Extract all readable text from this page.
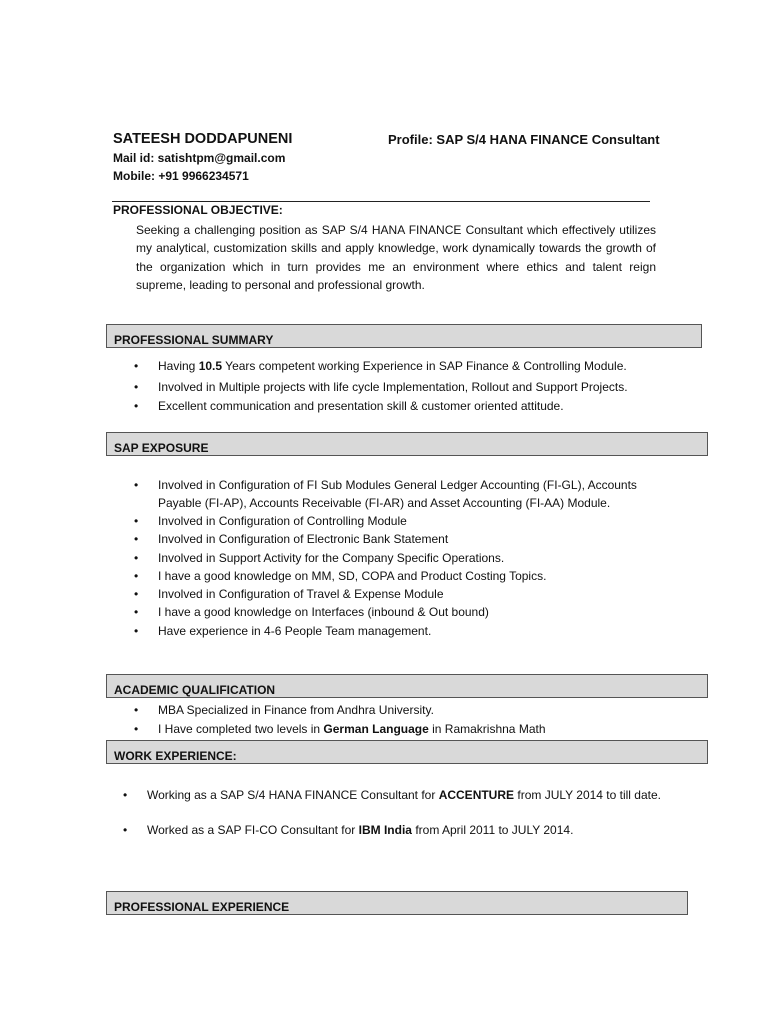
SATEESH DODDAPUNENI	Profile: SAP S/4 HANA FINANCE Consultant
Mail id: satishtpm@gmail.com
Mobile: +91 9966234571
PROFESSIONAL OBJECTIVE:
Seeking a challenging position as SAP S/4 HANA FINANCE Consultant which effectively utilizes my analytical, customization skills and apply knowledge, work dynamically towards the growth of the organization which in turn provides me an environment where ethics and talent reign supreme, leading to personal and professional growth.
PROFESSIONAL SUMMARY
• Having 10.5 Years competent working Experience in SAP Finance & Controlling Module.
• Involved in Multiple projects with life cycle Implementation, Rollout and Support Projects.
• Excellent communication and presentation skill & customer oriented attitude.
SAP EXPOSURE
• Involved in Configuration of FI Sub Modules General Ledger Accounting (FI-GL), Accounts
Payable (FI-AP), Accounts Receivable (FI-AR) and Asset Accounting (FI-AA) Module.
• Involved in Configuration of Controlling Module
• Involved in Configuration of Electronic Bank Statement
• Involved in Support Activity for the Company Specific Operations.
• I have a good knowledge on MM, SD, COPA and Product Costing Topics.
• Involved in Configuration of Travel & Expense Module
• I have a good knowledge on Interfaces (inbound & Out bound)
• Have experience in 4-6 People Team management.
ACADEMIC QUALIFICATION
• MBA Specialized in Finance from Andhra University.
• I Have completed two levels in German Language in Ramakrishna Math
WORK EXPERIENCE:
• Working as a SAP S/4 HANA FINANCE Consultant for ACCENTURE from JULY 2014 to till date.
• Worked as a SAP FI-CO Consultant for IBM India from April 2011 to JULY 2014.
PROFESSIONAL EXPERIENCE
